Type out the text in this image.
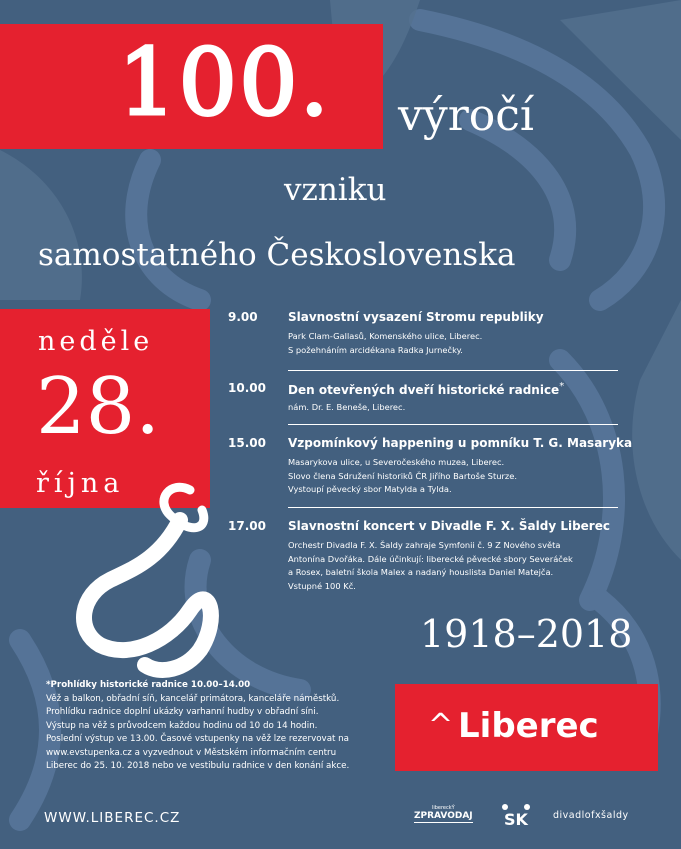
100. výročí
vzniku
samostatného Československa
neděle
28.
října
9.00	Slavnostní vysazení Stromu republiky
Park Clam-Gallasů, Komenského ulice, Liberec.
S požehnáním arcidékana Radka Jurnečky.
10.00	Den otevřených dveří historické radnice*
nám. Dr. E. Beneše, Liberec.
15.00	Vzpomínkový happening u pomníku T. G. Masaryka
Masarykova ulice, u Severočeského muzea, Liberec.
Slovo člena Sdružení historiků ČR Jiřího Bartoše Sturze.
Vystoupí pěvecký sbor Matylda a Tylda.
17.00	Slavnostní koncert v Divadle F. X. Šaldy Liberec
Orchestr Divadla F. X. Šaldy zahraje Symfonii č. 9 Z Nového světa
Antonína Dvořáka. Dále účinkují: liberecké pěvecké sbory Severáček
a Rosex, baletní škola Malex a nadaný houslista Daniel Matejča.
Vstupné 100 Kč.
1918–2018
*Prohlídky historické radnice 10.00–14.00
Věž a balkon, obřadní síň, kancelář primátora, kanceláře náměstků.
Prohlídku radnice doplní ukázky varhanní hudby v obřadní síni.
Výstup na věž s průvodcem každou hodinu od 10 do 14 hodin.
Poslední výstup ve 13.00. Časové vstupenky na věž lze rezervovat na
www.evstupenka.cz a vyzvednout v Městském informačním centru
Liberec do 25. 10. 2018 nebo ve vestibulu radnice v den konání akce.
^ Liberec
WWW.LIBEREC.CZ
libereckÝ
ZPRAVODAJ SK	divadlofxšaldy
